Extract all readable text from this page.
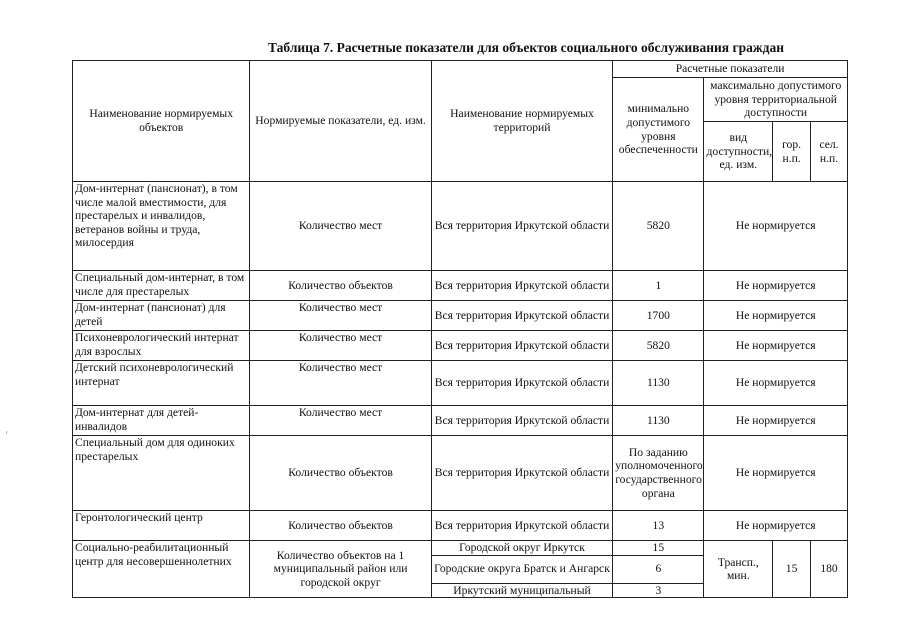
Таблица 7. Расчетные показатели для объектов социального обслуживания граждан
'
Наименование нормируемых объектов	Нормируемые показатели, ед. изм.	Наименование нормируемых территорий	Расчетные показатели			
			минимально допустимого уровня обеспеченности	максимально допустимого уровня территориальной доступности		
				вид доступности, ед. изм.	гор. н.п.	сел. н.п.
Дом-интернат (пансионат), в том числе малой вместимости, для престарелых и инвалидов, ветеранов войны и труда, милосердия	Количество мест	Вся территория Иркутской области	5820	Не нормируется		
Специальный дом-интернат, в том числе для престарелых	Количество объектов	Вся территория Иркутской области	1	Не нормируется		
Дом-интернат (пансионат) для детей	Количество мест	Вся территория Иркутской области	1700	Не нормируется		
Психоневрологический интернат для взрослых	Количество мест	Вся территория Иркутской области	5820	Не нормируется		
Детский психоневрологический интернат	Количество мест	Вся территория Иркутской области	1130	Не нормируется		
Дом-интернат для детей-инвалидов	Количество мест	Вся территория Иркутской области	1130	Не нормируется		
Специальный дом для одиноких престарелых	Количество объектов	Вся территория Иркутской области	По заданию уполномоченного государственного органа	Не нормируется		
Геронтологический центр	Количество объектов	Вся территория Иркутской области	13	Не нормируется		
Социально-реабилитационный центр для несовершеннолетних	Количество объектов на 1 муниципальный район или городской округ	Городской округ Иркутск	15	Трансп., мин.	15	180
		Городские округа Братск и Ангарск	6			
		Иркутский муниципальный	3			
